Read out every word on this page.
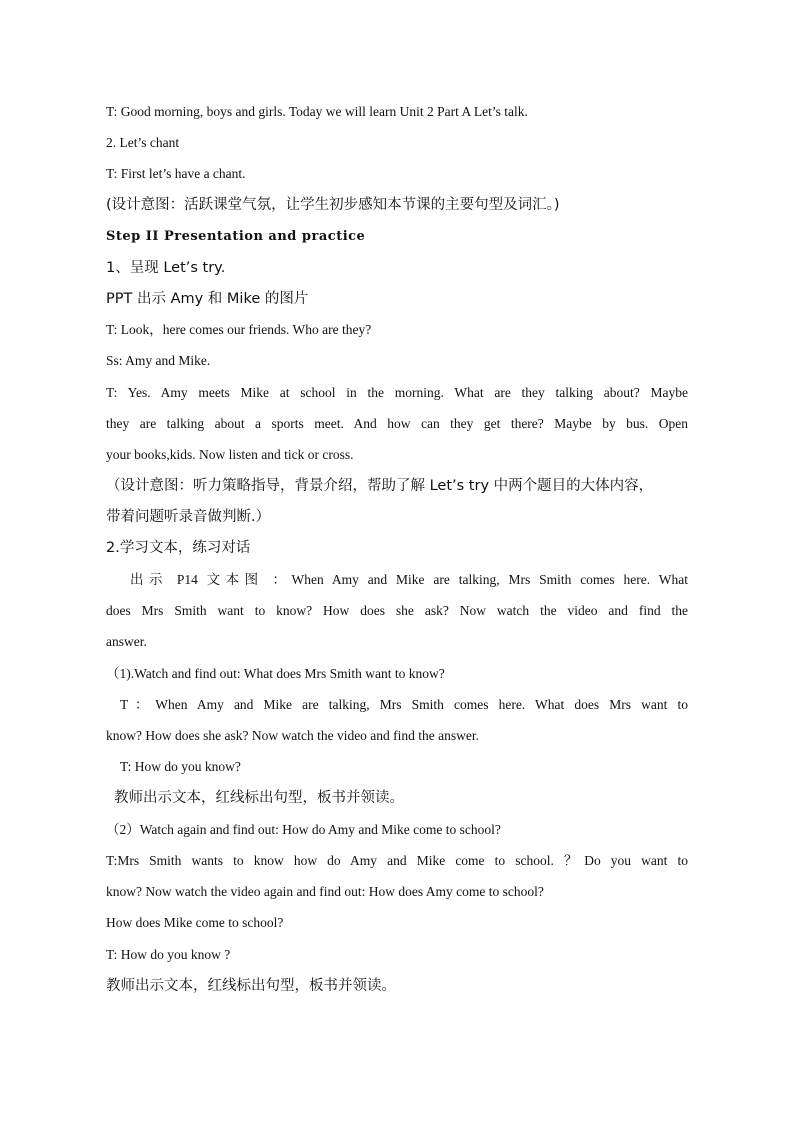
T: Good morning, boys and girls. Today we will learn Unit 2 Part A Let’s talk.
2. Let’s chant
T: First let’s have a chant.
(设计意图：活跃课堂气氛，让学生初步感知本节课的主要句型及词汇。)
Step II Presentation and practice
1、呈现 Let’s try.
PPT 出示 Amy 和 Mike 的图片
T: Look，here comes our friends. Who are they?
Ss: Amy and Mike.
T: Yes. Amy meets Mike at school in the morning. What are they talking about? Maybe
they are talking about a sports meet. And how can they get there? Maybe by bus. Open
your books,kids. Now listen and tick or cross.
（设计意图：听力策略指导，背景介绍，帮助了解 Let’s try 中两个题目的大体内容，
带着问题听录音做判断.）
2.学习文本，练习对话
出示 P14 文本图 ：When Amy and Mike are talking, Mrs Smith comes here. What
does Mrs Smith want to know? How does she ask? Now watch the video and find the
answer.
（1).Watch and find out: What does Mrs Smith want to know?
T：When Amy and Mike are talking, Mrs Smith comes here. What does Mrs want to
know? How does she ask? Now watch the video and find the answer.
T: How do you know?
教师出示文本，红线标出句型，板书并领读。
（2）Watch again and find out: How do Amy and Mike come to school?
T:Mrs Smith wants to know how do Amy and Mike come to school. ？Do you want to
know? Now watch the video again and find out: How does Amy come to school?
How does Mike come to school?
T: How do you know ?
教师出示文本，红线标出句型，板书并领读。
